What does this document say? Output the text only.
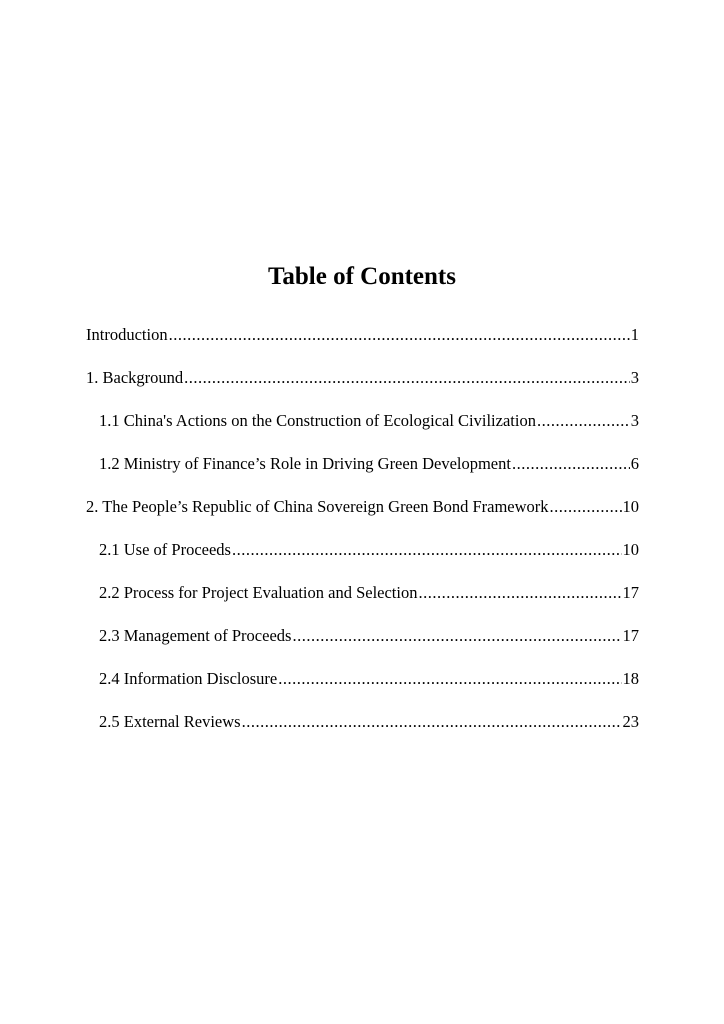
Table of Contents
Introduction .....	1
1. Background .....	3
1.1 China's Actions on the Construction of Ecological Civilization .....	3
1.2 Ministry of Finance’s Role in Driving Green Development .....	6
2. The People’s Republic of China Sovereign Green Bond Framework .....	10
2.1 Use of Proceeds .....	10
2.2 Process for Project Evaluation and Selection .....	17
2.3 Management of Proceeds .....	17
2.4 Information Disclosure .....	18
2.5 External Reviews .....	23
